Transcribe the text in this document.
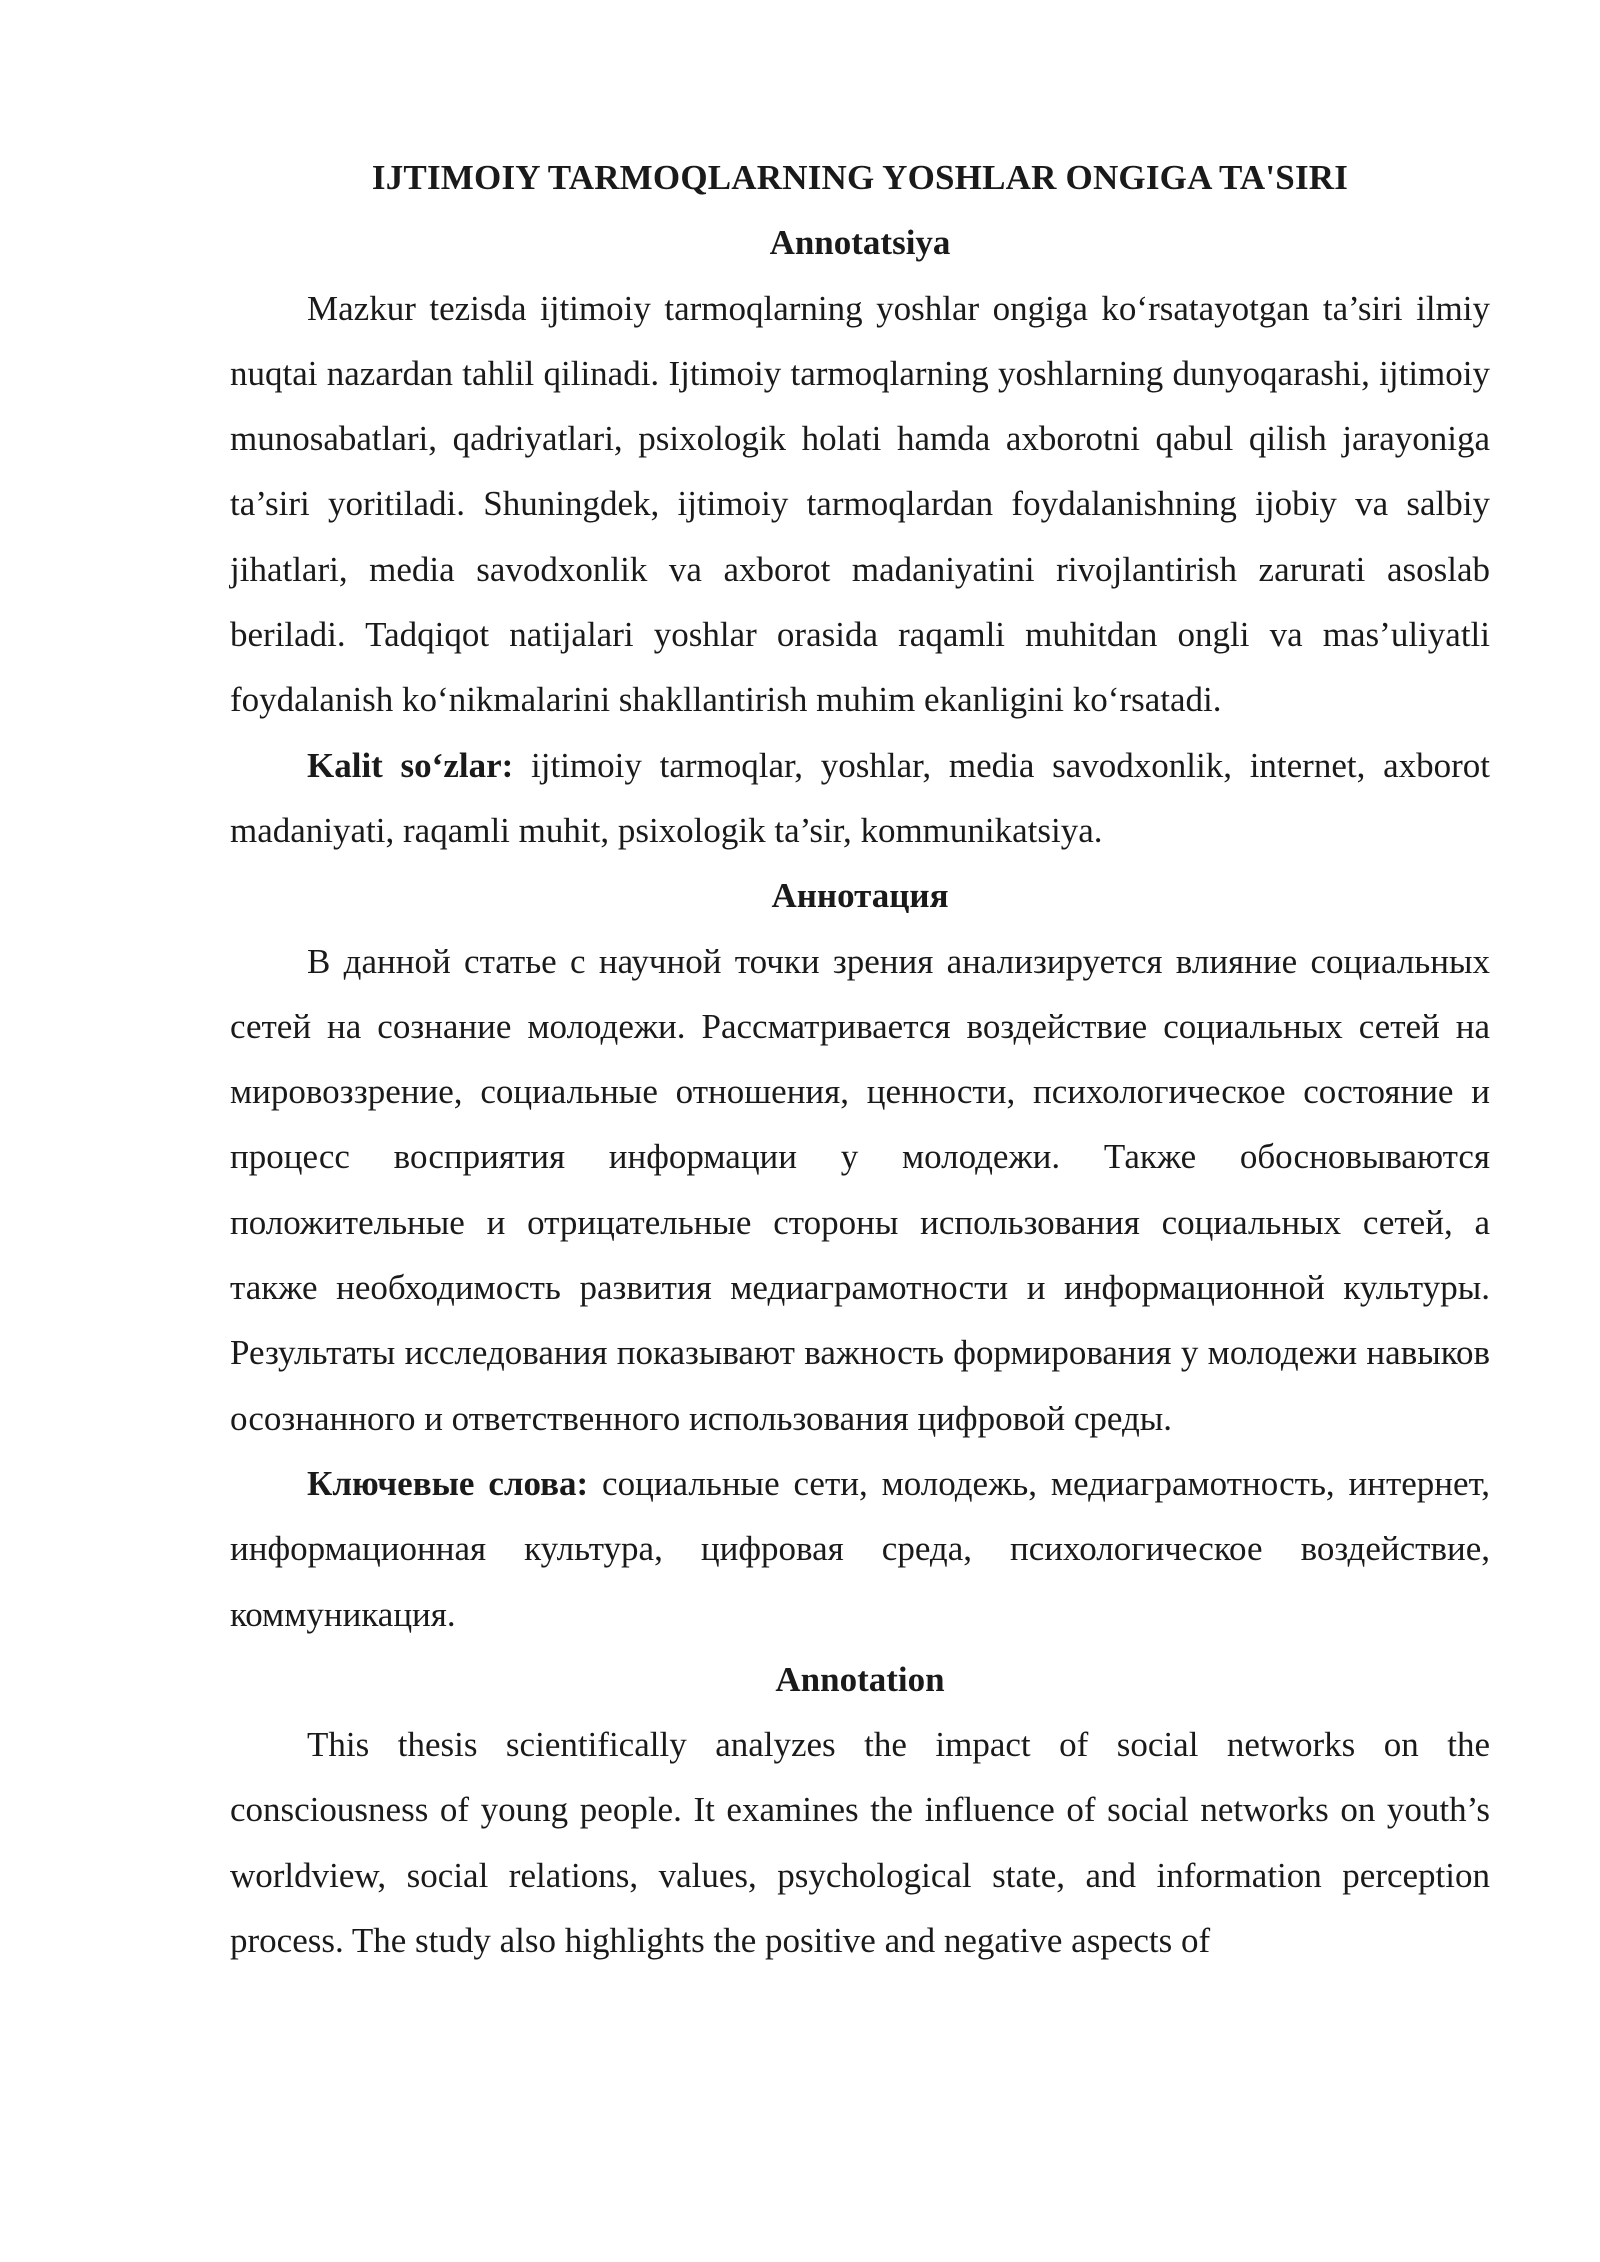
IJTIMOIY TARMOQLARNING YOSHLAR ONGIGA TA'SIRI
Annotatsiya

Mazkur tezisda ijtimoiy tarmoqlarning yoshlar ongiga ko‘rsatayotgan ta’siri ilmiy nuqtai nazardan tahlil qilinadi. Ijtimoiy tarmoqlarning yoshlarning dunyoqarashi, ijtimoiy munosabatlari, qadriyatlari, psixologik holati hamda axborotni qabul qilish jarayoniga ta’siri yoritiladi. Shuningdek, ijtimoiy tarmoqlardan foydalanishning ijobiy va salbiy jihatlari, media savodxonlik va axborot madaniyatini rivojlantirish zarurati asoslab beriladi. Tadqiqot natijalari yoshlar orasida raqamli muhitdan ongli va mas’uliyatli foydalanish ko‘nikmalarini shakllantirish muhim ekanligini ko‘rsatadi.

Kalit so‘zlar: ijtimoiy tarmoqlar, yoshlar, media savodxonlik, internet, axborot madaniyati, raqamli muhit, psixologik ta’sir, kommunikatsiya.

Аннотация

В данной статье с научной точки зрения анализируется влияние социальных сетей на сознание молодежи. Рассматривается воздействие социальных сетей на мировоззрение, социальные отношения, ценности, психологическое состояние и процесс восприятия информации у молодежи. Также обосновываются положительные и отрицательные стороны использования социальных сетей, а также необходимость развития медиаграмотности и информационной культуры. Результаты исследования показывают важность формирования у молодежи навыков осознанного и ответственного использования цифровой среды.

Ключевые слова: социальные сети, молодежь, медиаграмотность, интернет, информационная культура, цифровая среда, психологическое воздействие, коммуникация.

Annotation

This thesis scientifically analyzes the impact of social networks on the consciousness of young people. It examines the influence of social networks on youth’s worldview, social relations, values, psychological state, and information perception process. The study also highlights the positive and negative aspects of
